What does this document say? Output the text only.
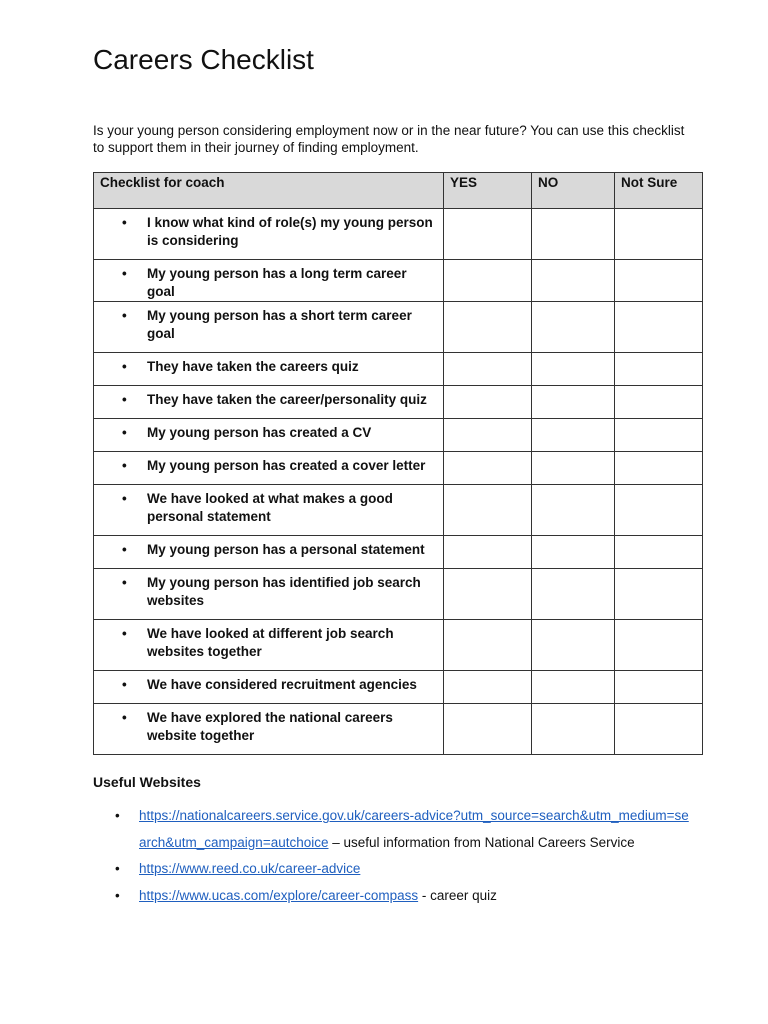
Careers Checklist

Is your young person considering employment now or in the near future? You can use this checklist to support them in their journey of finding employment.

Checklist for coach	YES	NO	Not Sure

• I know what kind of role(s) my young person is considering			

• My young person has a long term career goal			

• My young person has a short term career goal			

• They have taken the careers quiz			

• They have taken the career/personality quiz			

• My young person has created a CV			

• My young person has created a cover letter			

• We have looked at what makes a good personal statement			

• My young person has a personal statement			

• My young person has identified job search websites			

• We have looked at different job search websites together			

• We have considered recruitment agencies			

• We have explored the national careers website together			

Useful Websites
•	https://nationalcareers.service.gov.uk/careers-advice?utm_source=search&utm_medium=search&utm_campaign=autchoice – useful information from National Careers Service
•	https://www.reed.co.uk/career-advice
•	https://www.ucas.com/explore/career-compass - career quiz
